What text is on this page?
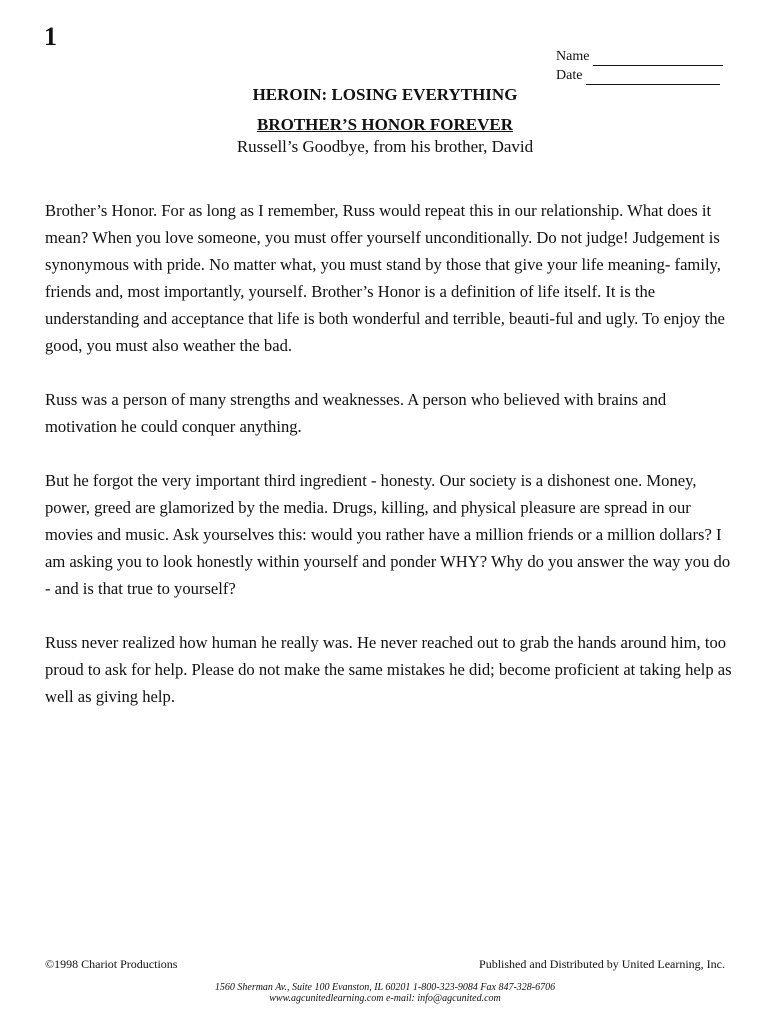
1
Name
Date
HEROIN: LOSING EVERYTHING
BROTHER’S HONOR FOREVER
Russell’s Goodbye, from his brother, David

Brother’s Honor. For as long as I remember, Russ would repeat this in our relationship. What does it mean? When you love someone, you must offer yourself unconditionally. Do not judge! Judgement is synonymous with pride. No matter what, you must stand by those that give your life meaning- family, friends and, most importantly, yourself. Brother’s Honor is a definition of life itself. It is the understanding and acceptance that life is both wonderful and terrible, beauti-ful and ugly. To enjoy the good, you must also weather the bad.

Russ was a person of many strengths and weaknesses. A person who believed with brains and motivation he could conquer anything.

But he forgot the very important third ingredient - honesty. Our society is a dishonest one. Money, power, greed are glamorized by the media. Drugs, killing, and physical pleasure are spread in our movies and music. Ask yourselves this: would you rather have a million friends or a million dollars? I am asking you to look honestly within yourself and ponder WHY? Why do you answer the way you do - and is that true to yourself?

Russ never realized how human he really was. He never reached out to grab the hands around him, too proud to ask for help. Please do not make the same mistakes he did; become proficient at taking help as well as giving help.

©1998 Chariot Productions	Published and Distributed by United Learning, Inc.
1560 Sherman Av., Suite 100 Evanston, IL 60201 1-800-323-9084 Fax 847-328-6706
www.agcunitedlearning.com e-mail: info@agcunited.com
